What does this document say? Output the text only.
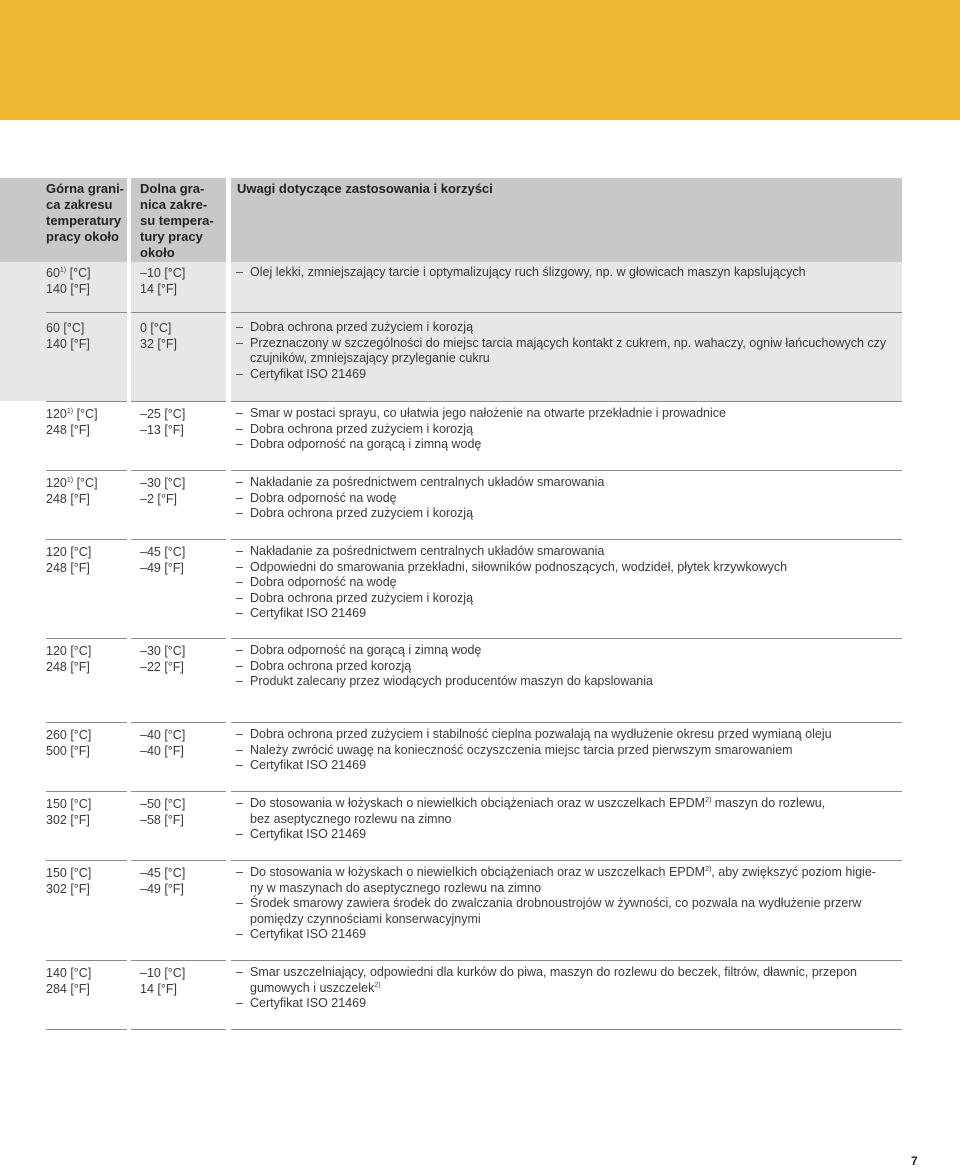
Górna grani-
ca zakresu
temperatury
pracy około
Dolna gra-
nica zakre-
su tempera-
tury pracy
około
Uwagi dotyczące zastosowania i korzyści
60$^{1)}$ [°C]
140 [°F]
–10 [°C]
14 [°F]
– Olej lekki, zmniejszający tarcie i optymalizujący ruch ślizgowy, np. w głowicach maszyn kapslujących
60 [°C]
140 [°F]
0 [°C]
32 [°F]
– Dobra ochrona przed zużyciem i korozją
– Przeznaczony w szczególności do miejsc tarcia mających kontakt z cukrem, np. wahaczy, ogniw łańcuchowych czy czujników, zmniejszający przyleganie cukru
– Certyfikat ISO 21469
120$^{1)}$ [°C]
248 [°F]
–25 [°C]
–13 [°F]
– Smar w postaci sprayu, co ułatwia jego nałożenie na otwarte przekładnie i prowadnice
– Dobra ochrona przed zużyciem i korozją
– Dobra odporność na gorącą i zimną wodę
120$^{1)}$ [°C]
248 [°F]
–30 [°C]
–2 [°F]
– Nakładanie za pośrednictwem centralnych układów smarowania
– Dobra odporność na wodę
– Dobra ochrona przed zużyciem i korozją
120 [°C]
248 [°F]
–45 [°C]
–49 [°F]
– Nakładanie za pośrednictwem centralnych układów smarowania
– Odpowiedni do smarowania przekładni, siłowników podnoszących, wodzideł, płytek krzywkowych
– Dobra odporność na wodę
– Dobra ochrona przed zużyciem i korozją
– Certyfikat ISO 21469
120 [°C]
248 [°F]
–30 [°C]
–22 [°F]
– Dobra odporność na gorącą i zimną wodę
– Dobra ochrona przed korozją
– Produkt zalecany przez wiodących producentów maszyn do kapslowania
260 [°C]
500 [°F]
–40 [°C]
–40 [°F]
– Dobra ochrona przed zużyciem i stabilność cieplna pozwalają na wydłużenie okresu przed wymianą oleju
– Należy zwrócić uwagę na konieczność oczyszczenia miejsc tarcia przed pierwszym smarowaniem
– Certyfikat ISO 21469
150 [°C]
302 [°F]
–50 [°C]
–58 [°F]
– Do stosowania w łożyskach o niewielkich obciążeniach oraz w uszczelkach EPDM$^{2)}$ maszyn do rozlewu,
bez aseptycznego rozlewu na zimno
– Certyfikat ISO 21469
150 [°C]
302 [°F]
–45 [°C]
–49 [°F]
– Do stosowania w łożyskach o niewielkich obciążeniach oraz w uszczelkach EPDM$^{2)}$, aby zwiększyć poziom higie-
ny w maszynach do aseptycznego rozlewu na zimno
– Środek smarowy zawiera środek do zwalczania drobnoustrojów w żywności, co pozwala na wydłużenie przerw pomiędzy czynnościami konserwacyjnymi
– Certyfikat ISO 21469
140 [°C]
284 [°F]
–10 [°C]
14 [°F]
– Smar uszczelniający, odpowiedni dla kurków do piwa, maszyn do rozlewu do beczek, filtrów, dławnic, przepon
gumowych i uszczelek$^{2)}$
– Certyfikat ISO 21469
7
